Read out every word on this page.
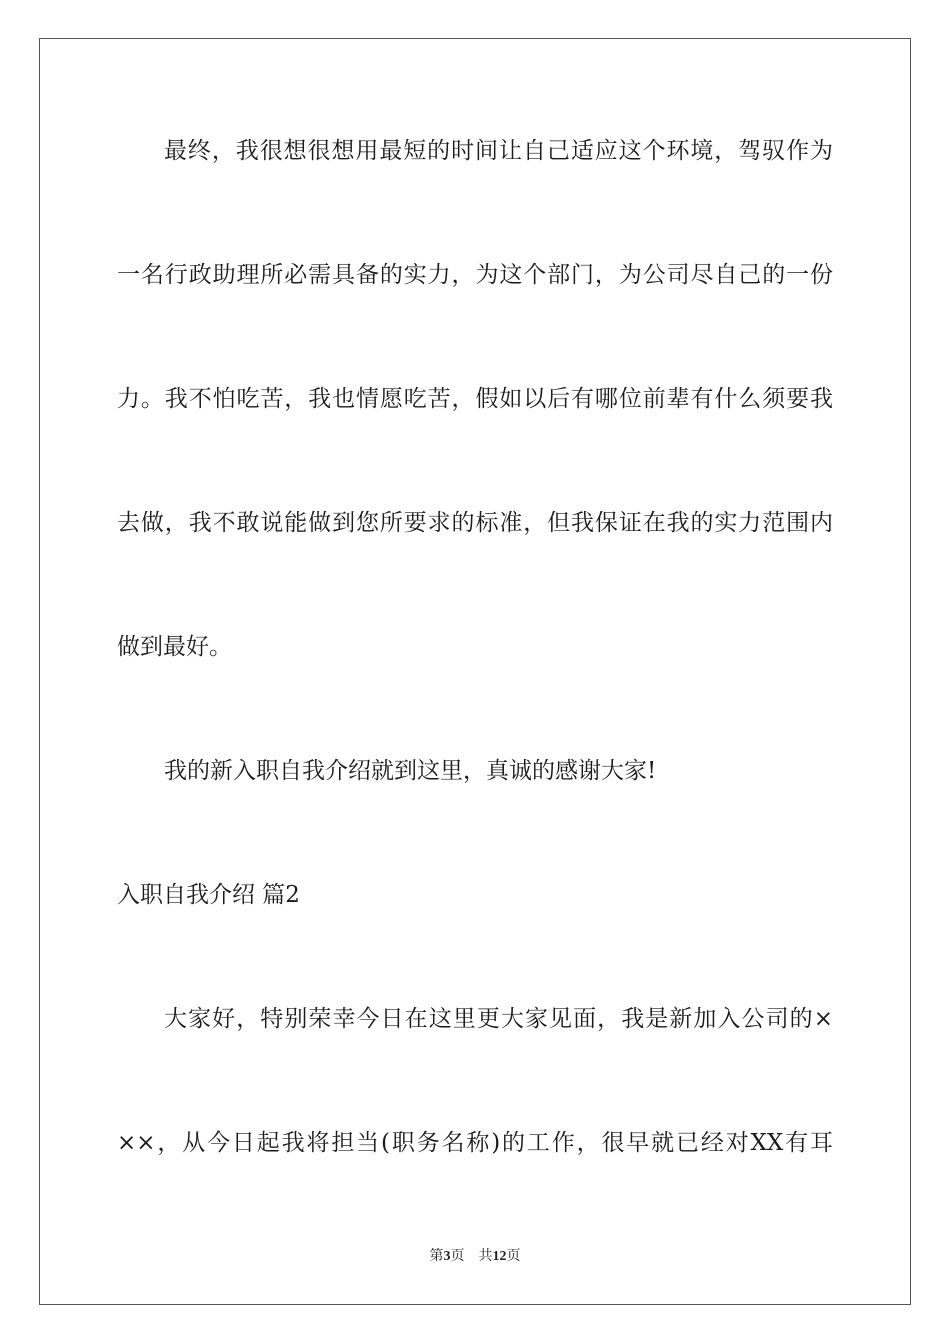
最终，我很想很想用最短的时间让自己适应这个环境，驾驭作为
一名行政助理所必需具备的实力，为这个部门，为公司尽自己的一份
力。我不怕吃苦，我也情愿吃苦，假如以后有哪位前辈有什么须要我
去做，我不敢说能做到您所要求的标准，但我保证在我的实力范围内
做到最好。
我的新入职自我介绍就到这里，真诚的感谢大家!
入职自我介绍 篇2
大家好，特别荣幸今日在这里更大家见面，我是新加入公司的×
××，从今日起我将担当(职务名称)的工作，很早就已经对XX有耳
第3页 共12页
